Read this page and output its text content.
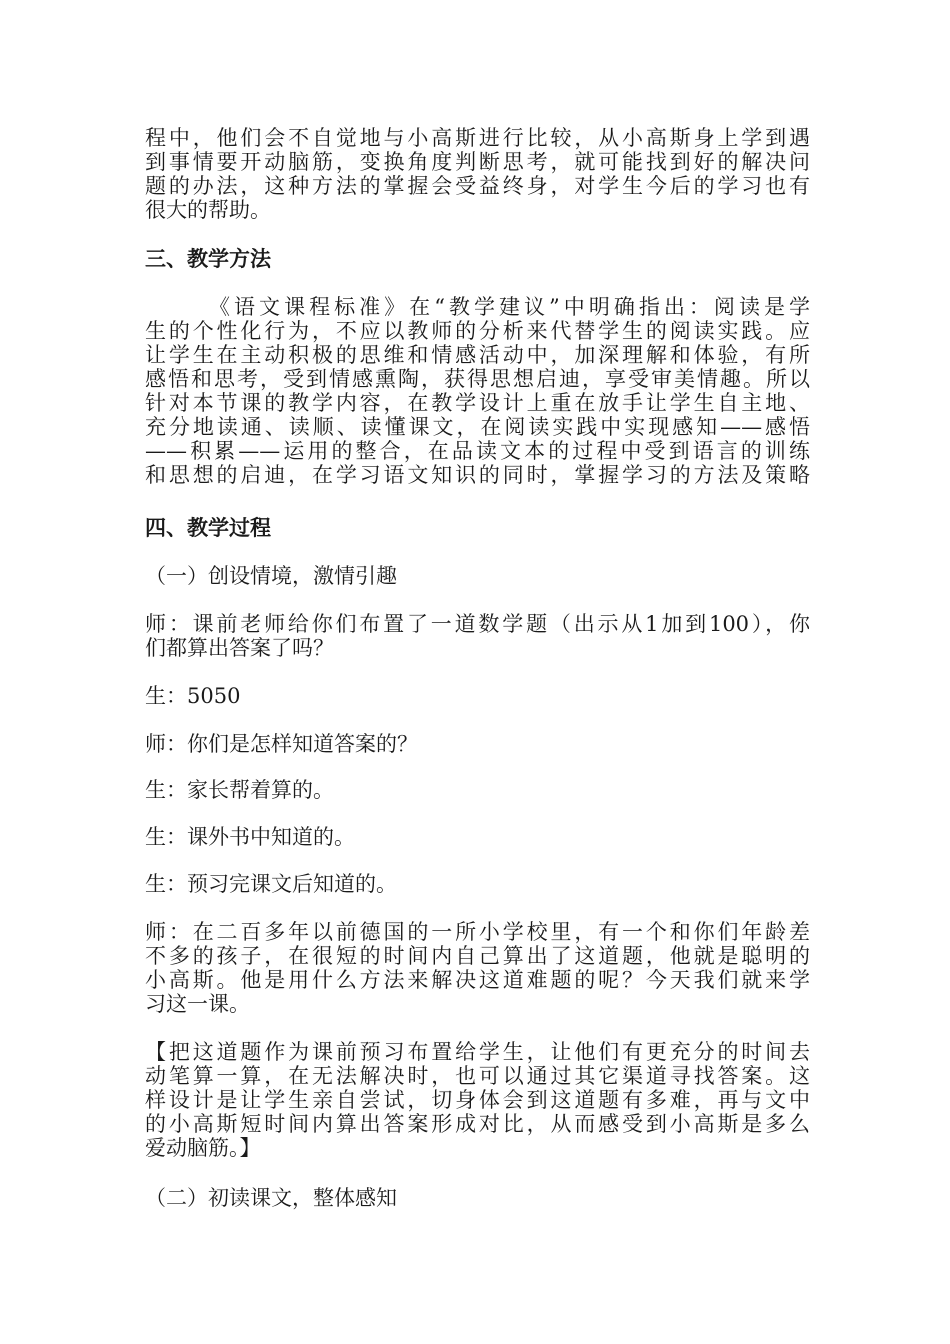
程中，他们会不自觉地与小高斯进行比较，从小高斯身上学到遇
到事情要开动脑筋，变换角度判断思考，就可能找到好的解决问
题的办法，这种方法的掌握会受益终身，对学生今后的学习也有
很大的帮助。
三、教学方法
《语文课程标准》在“教学建议”中明确指出：阅读是学
生的个性化行为，不应以教师的分析来代替学生的阅读实践。应
让学生在主动积极的思维和情感活动中，加深理解和体验，有所
感悟和思考，受到情感熏陶，获得思想启迪，享受审美情趣。所以
针对本节课的教学内容，在教学设计上重在放手让学生自主地、
充分地读通、读顺、读懂课文，在阅读实践中实现感知——感悟
——积累——运用的整合，在品读文本的过程中受到语言的训练
和思想的启迪，在学习语文知识的同时，掌握学习的方法及策略
四、教学过程
（一）创设情境，激情引趣
师：课前老师给你们布置了一道数学题（出示从1加到100），你
们都算出答案了吗？
生：5050
师：你们是怎样知道答案的？
生：家长帮着算的。
生：课外书中知道的。
生：预习完课文后知道的。
师：在二百多年以前德国的一所小学校里，有一个和你们年龄差
不多的孩子，在很短的时间内自己算出了这道题，他就是聪明的
小高斯。他是用什么方法来解决这道难题的呢？今天我们就来学
习这一课。
【把这道题作为课前预习布置给学生，让他们有更充分的时间去
动笔算一算，在无法解决时，也可以通过其它渠道寻找答案。这
样设计是让学生亲自尝试，切身体会到这道题有多难，再与文中
的小高斯短时间内算出答案形成对比，从而感受到小高斯是多么
爱动脑筋。】
（二）初读课文，整体感知
